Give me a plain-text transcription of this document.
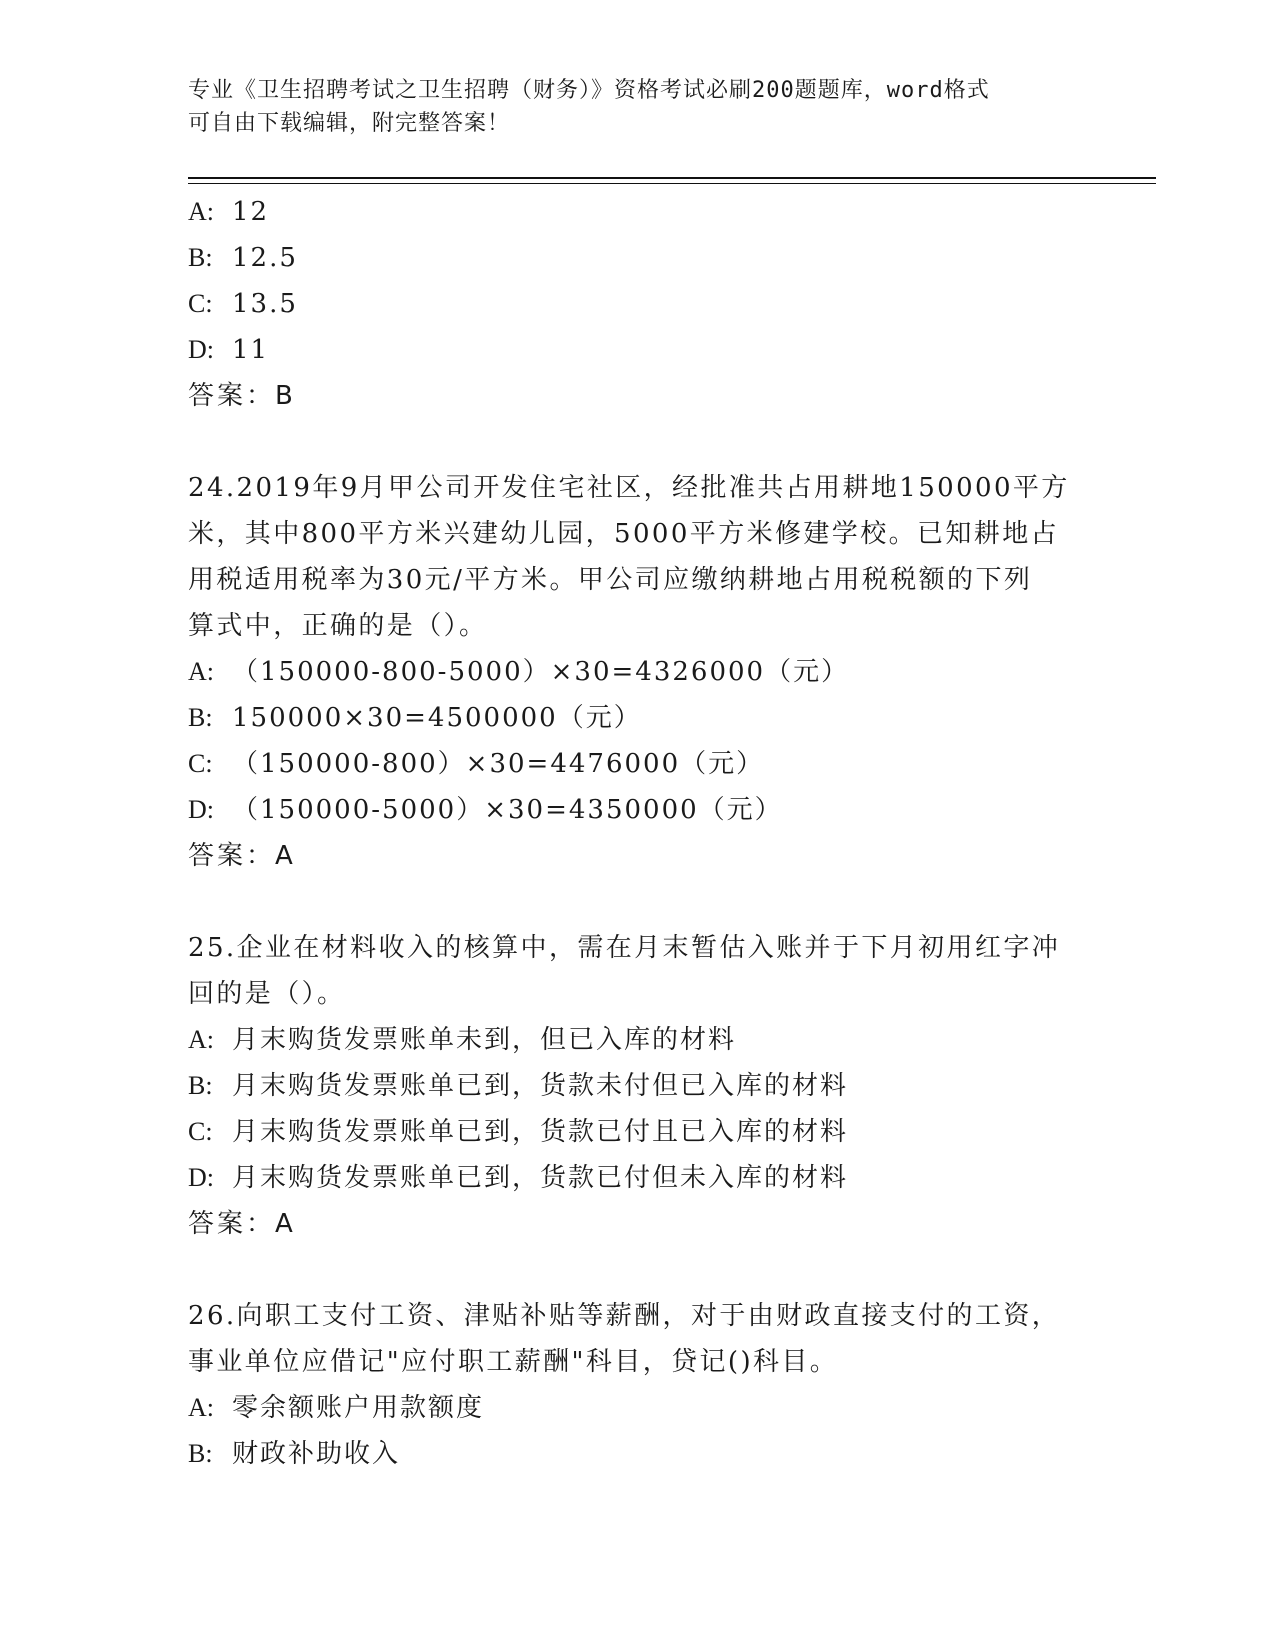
专业《卫生招聘考试之卫生招聘（财务）》资格考试必刷200题题库，word格式
可自由下载编辑，附完整答案！
A: 12
B: 12.5
C: 13.5
D: 11
答案：B
24.2019年9月甲公司开发住宅社区，经批准共占用耕地150000平方
米，其中800平方米兴建幼儿园，5000平方米修建学校。已知耕地占
用税适用税率为30元/平方米。甲公司应缴纳耕地占用税税额的下列
算式中，正确的是（）。
A: （150000-800-5000）×30=4326000（元）
B: 150000×30=4500000（元）
C: （150000-800）×30=4476000（元）
D: （150000-5000）×30=4350000（元）
答案：A
25.企业在材料收入的核算中，需在月末暂估入账并于下月初用红字冲
回的是（）。
A: 月末购货发票账单未到，但已入库的材料
B: 月末购货发票账单已到，货款未付但已入库的材料
C: 月末购货发票账单已到，货款已付且已入库的材料
D: 月末购货发票账单已到，货款已付但未入库的材料
答案：A
26.向职工支付工资、津贴补贴等薪酬，对于由财政直接支付的工资，
事业单位应借记"应付职工薪酬"科目，贷记()科目。
A: 零余额账户用款额度
B: 财政补助收入
